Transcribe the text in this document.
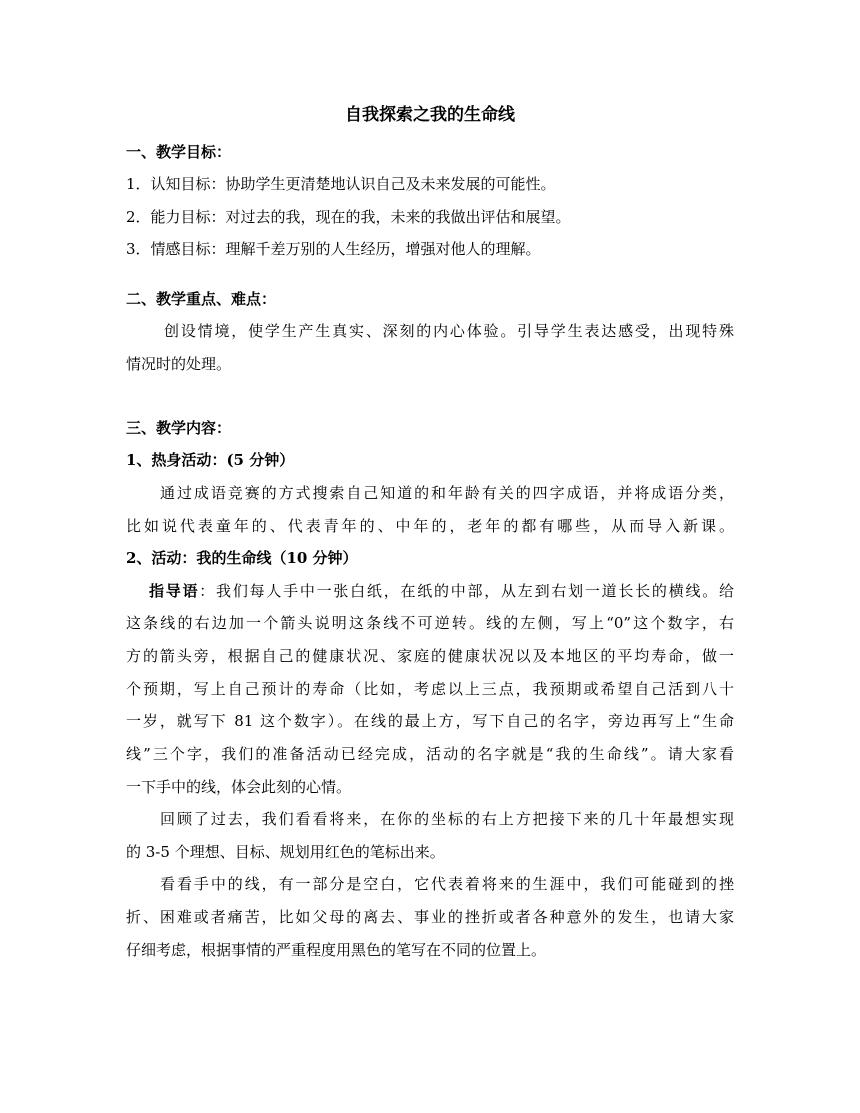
自我探索之我的生命线
一、教学目标：
1．认知目标：协助学生更清楚地认识自己及未来发展的可能性。
2．能力目标：对过去的我，现在的我，未来的我做出评估和展望。
3．情感目标：理解千差万别的人生经历，增强对他人的理解。
二、教学重点、难点：
创设情境，使学生产生真实、深刻的内心体验。引导学生表达感受，出现特殊
情况时的处理。
三、教学内容：
1、热身活动：(5 分钟）
通过成语竞赛的方式搜索自己知道的和年龄有关的四字成语，并将成语分类，
比如说代表童年的、代表青年的、中年的，老年的都有哪些，从而导入新课。
2、活动：我的生命线（10 分钟）
指导语：我们每人手中一张白纸，在纸的中部，从左到右划一道长长的横线。给
这条线的右边加一个箭头说明这条线不可逆转。线的左侧，写上“0”这个数字，右
方的箭头旁，根据自己的健康状况、家庭的健康状况以及本地区的平均寿命，做一
个预期，写上自己预计的寿命（比如，考虑以上三点，我预期或希望自己活到八十
一岁，就写下 81 这个数字）。在线的最上方，写下自己的名字，旁边再写上“生命
线”三个字，我们的准备活动已经完成，活动的名字就是“我的生命线”。请大家看
一下手中的线，体会此刻的心情。
回顾了过去，我们看看将来，在你的坐标的右上方把接下来的几十年最想实现
的 3-5 个理想、目标、规划用红色的笔标出来。
看看手中的线，有一部分是空白，它代表着将来的生涯中，我们可能碰到的挫
折、困难或者痛苦，比如父母的离去、事业的挫折或者各种意外的发生，也请大家
仔细考虑，根据事情的严重程度用黑色的笔写在不同的位置上。
